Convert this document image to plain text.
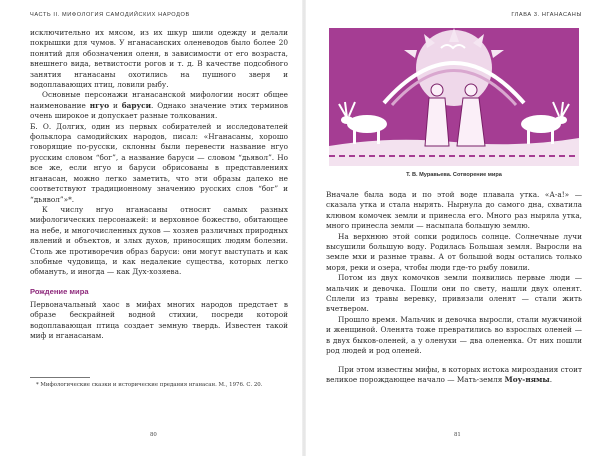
ЧАСТЬ II. МИФОЛОГИЯ САМОДИЙСКИХ НАРОДОВ

исключительно их мясом, из их шкур шили одежду и делали покрышки для чумов. У нганасанских оленеводов было более 20 понятий для обозначения оленя, в зависимости от его возраста, внешнего вида, ветвистости рогов и т. д. В качестве подсобного занятия нганасаны охотились на пушного зверя и водоплавающих птиц, ловили рыбу.

Основные персонажи нганасанской мифологии носят общее наименование нгуо и баруси. Однако значение этих терминов очень широкое и допускает разные толкования.

Б. О. Долгих, один из первых собирателей и исследователей фольклора самодийских народов, писал: «Нганасаны, хорошо говорящие по-русски, склонны были перевести название нгуо русским словом “бог”, а название баруси — словом “дьявол”. Но все же, если нгуо и баруси обрисованы в представлениях нганасан, можно легко заметить, что эти образы далеко не соответствуют традиционному значению русских слов “бог” и “дьявол”»*.

К числу нгуо нганасаны относят самых разных мифологических персонажей: и верховное божество, обитающее на небе, и многочисленных духов — хозяев различных природных явлений и объектов, и злых духов, приносящих людям болезни. Столь же противоречив образ баруси: они могут выступать и как злобные чудовища, и как недалекие существа, которых легко обмануть, и иногда — как Дух-хозяева.

Рождение мира

Первоначальный хаос в мифах многих народов предстает в образе бескрайней водной стихии, посреди которой водоплавающая птица создает земную твердь. Известен такой миф и нганасанам.

* Мифологические сказки и исторические предания нганасан. М., 1976. С. 20.
80
ГЛАВА 3. НГАНАСАНЫ
Т. В. Муравьева. Сотворение мира

Вначале была вода и по этой воде плавала утка. «А-а!» — сказала утка и стала нырять. Нырнула до самого дна, схватила клювом комочек земли и принесла его. Много раз ныряла утка, много принесла земли — насыпала большую землю.

На верхнюю этой сопки родилось солнце. Солнечные лучи высушили большую воду. Родилась Большая земля. Выросли на земле мхи и разные травы. А от большой воды остались только моря, реки и озера, чтобы люди где-то рыбу ловили.

Потом из двух комочков земли появились первые люди — мальчик и девочка. Пошли они по свету, нашли двух оленят. Сплели из травы веревку, привязали оленят — стали жить вчетвером.

Прошло время. Мальчик и девочка выросли, стали мужчиной и женщиной. Оленята тоже превратились во взрослых оленей — в двух быков-оленей, а у оленухи — два олененка. От них пошли род людей и род оленей.

При этом известны мифы, в которых истока мироздания стоит великое порождающее начало — Мать-земля Моу-нямы.

81
